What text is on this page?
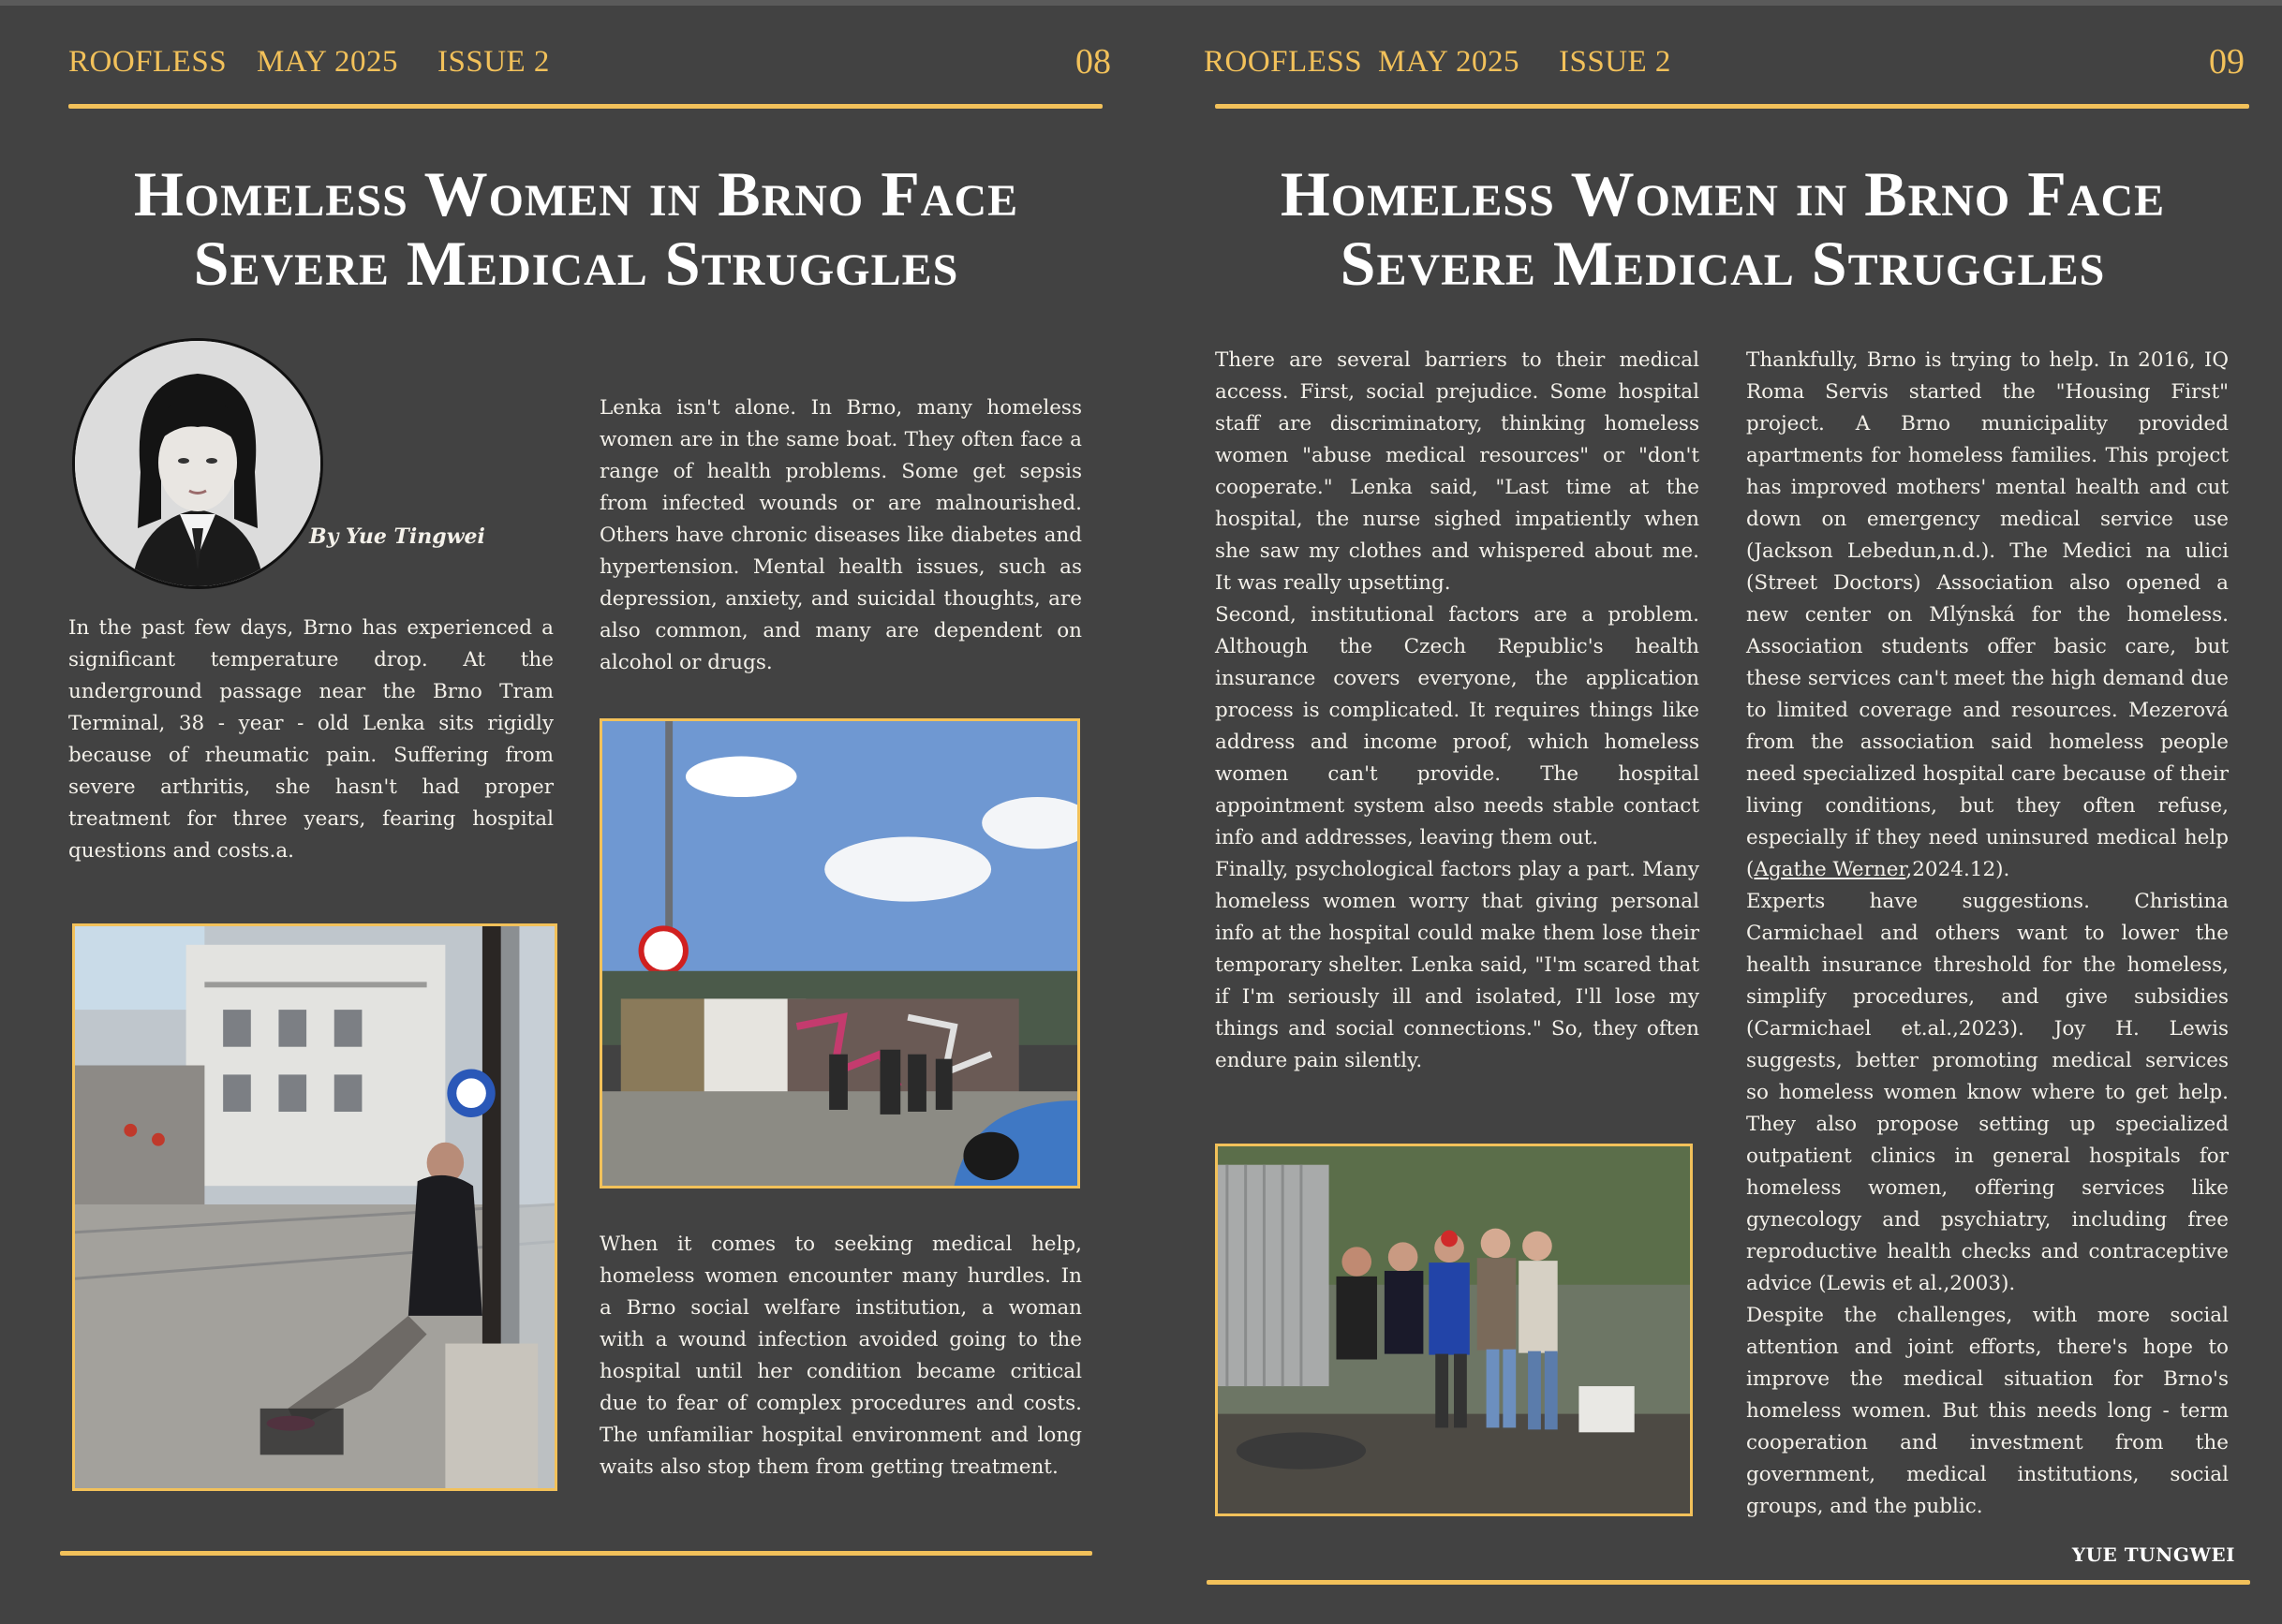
ROOFLESS MAY 2025 ISSUE 2	08
Homeless Women in Brno Face
Severe Medical Struggles
By Yue Tingwei

In the past few days, Brno has experienced a significant temperature drop. At the underground passage near the Brno Tram Terminal, 38 - year - old Lenka sits rigidly because of rheumatic pain. Suffering from severe arthritis, she hasn't had proper treatment for three years, fearing hospital questions and costs.a.

Lenka isn't alone. In Brno, many homeless women are in the same boat. They often face a range of health problems. Some get sepsis from infected wounds or are malnourished. Others have chronic diseases like diabetes and hypertension. Mental health issues, such as depression, anxiety, and suicidal thoughts, are also common, and many are dependent on alcohol or drugs.

When it comes to seeking medical help, homeless women encounter many hurdles. In a Brno social welfare institution, a woman with a wound infection avoided going to the hospital until her condition became critical due to fear of complex procedures and costs. The unfamiliar hospital environment and long waits also stop them from getting treatment.

ROOFLESS MAY 2025 ISSUE 2	09
Homeless Women in Brno Face
Severe Medical Struggles

There are several barriers to their medical access. First, social prejudice. Some hospital staff are discriminatory, thinking homeless women "abuse medical resources" or "don't cooperate." Lenka said, "Last time at the hospital, the nurse sighed impatiently when she saw my clothes and whispered about me. It was really upsetting.

Second, institutional factors are a problem. Although the Czech Republic's health insurance covers everyone, the application process is complicated. It requires things like address and income proof, which homeless women can't provide. The hospital appointment system also needs stable contact info and addresses, leaving them out.

Finally, psychological factors play a part. Many homeless women worry that giving personal info at the hospital could make them lose their temporary shelter. Lenka said, "I'm scared that if I'm seriously ill and isolated, I'll lose my things and social connections." So, they often endure pain silently.

Thankfully, Brno is trying to help. In 2016, IQ Roma Servis started the "Housing First" project. A Brno municipality provided apartments for homeless families. This project has improved mothers' mental health and cut down on emergency medical service use (Jackson Lebedun,n.d.). The Medici na ulici (Street Doctors) Association also opened a new center on Mlýnská for the homeless. Association students offer basic care, but these services can't meet the high demand due to limited coverage and resources. Mezerová from the association said homeless people need specialized hospital care because of their living conditions, but they often refuse, especially if they need uninsured medical help (Agathe Werner,2024.12).

Experts have suggestions. Christina Carmichael and others want to lower the health insurance threshold for the homeless, simplify procedures, and give subsidies (Carmichael et.al.,2023). Joy H. Lewis suggests, better promoting medical services so homeless women know where to get help. They also propose setting up specialized outpatient clinics in general hospitals for homeless women, offering services like gynecology and psychiatry, including free reproductive health checks and contraceptive advice (Lewis et al.,2003).

Despite the challenges, with more social attention and joint efforts, there's hope to improve the medical situation for Brno's homeless women. But this needs long - term cooperation and investment from the government, medical institutions, social groups, and the public.

YUE TUNGWEI
